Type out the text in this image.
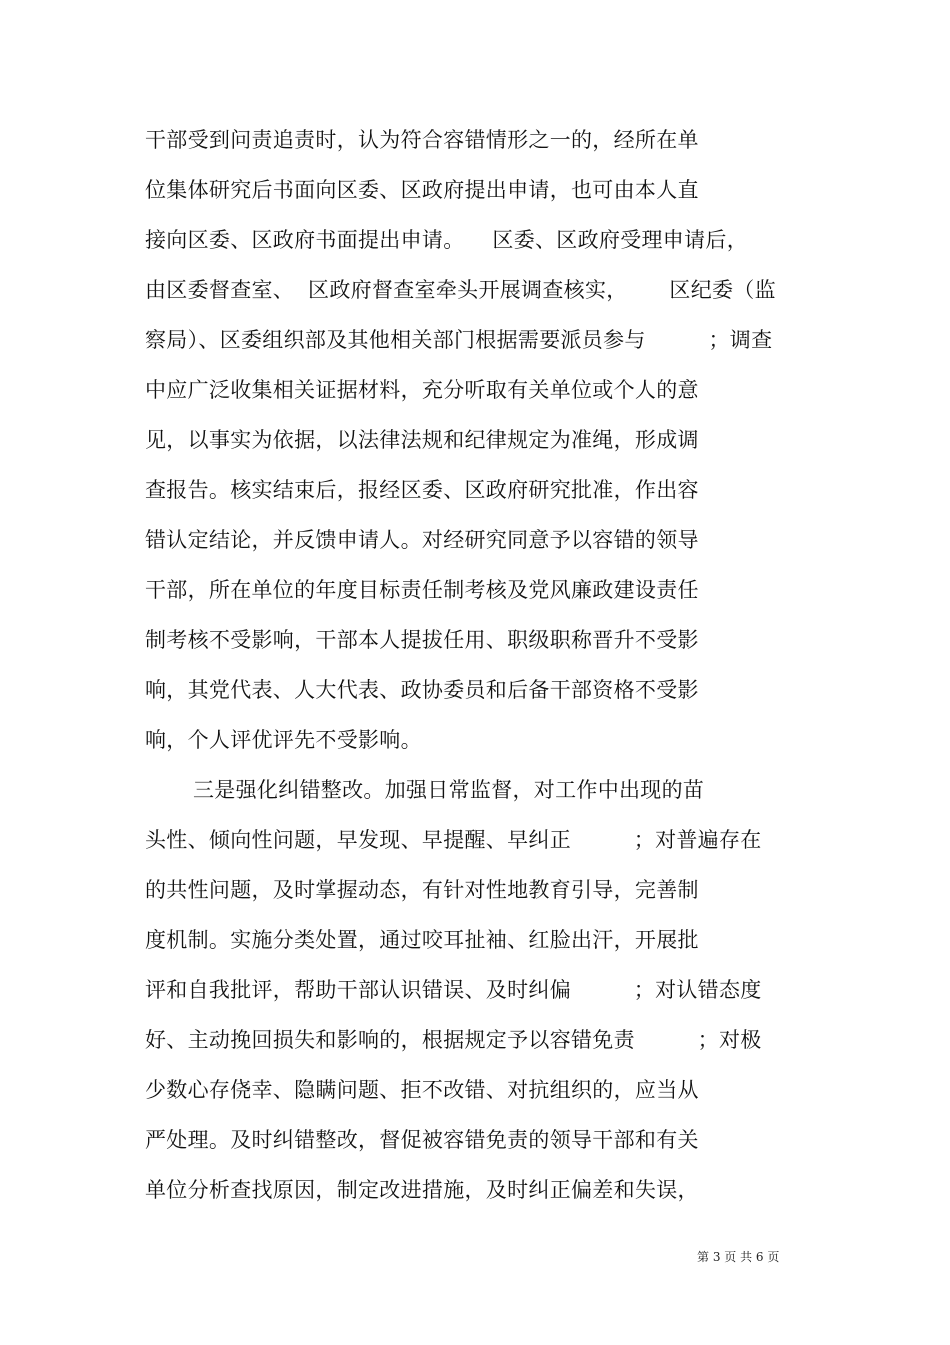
干部受到问责追责时，认为符合容错情形之一的，经所在单
位集体研究后书面向区委、区政府提出申请，也可由本人直
接向区委、区政府书面提出申请。    区委、区政府受理申请后，
由区委督查室、  区政府督查室牵头开展调查核实，      区纪委（监
察局）、区委组织部及其他相关部门根据需要派员参与         ；调查
中应广泛收集相关证据材料，充分听取有关单位或个人的意
见，以事实为依据，以法律法规和纪律规定为准绳，形成调
查报告。核实结束后，报经区委、区政府研究批准，作出容
错认定结论，并反馈申请人。对经研究同意予以容错的领导
干部，所在单位的年度目标责任制考核及党风廉政建设责任
制考核不受影响，干部本人提拔任用、职级职称晋升不受影
响，其党代表、人大代表、政协委员和后备干部资格不受影
响，个人评优评先不受影响。
三是强化纠错整改。加强日常监督，对工作中出现的苗
头性、倾向性问题，早发现、早提醒、早纠正         ；对普遍存在
的共性问题，及时掌握动态，有针对性地教育引导，完善制
度机制。实施分类处置，通过咬耳扯袖、红脸出汗，开展批
评和自我批评，帮助干部认识错误、及时纠偏         ；对认错态度
好、主动挽回损失和影响的，根据规定予以容错免责         ；对极
少数心存侥幸、隐瞒问题、拒不改错、对抗组织的，应当从
严处理。及时纠错整改，督促被容错免责的领导干部和有关
单位分析查找原因，制定改进措施，及时纠正偏差和失误，
第 3 页 共 6 页
